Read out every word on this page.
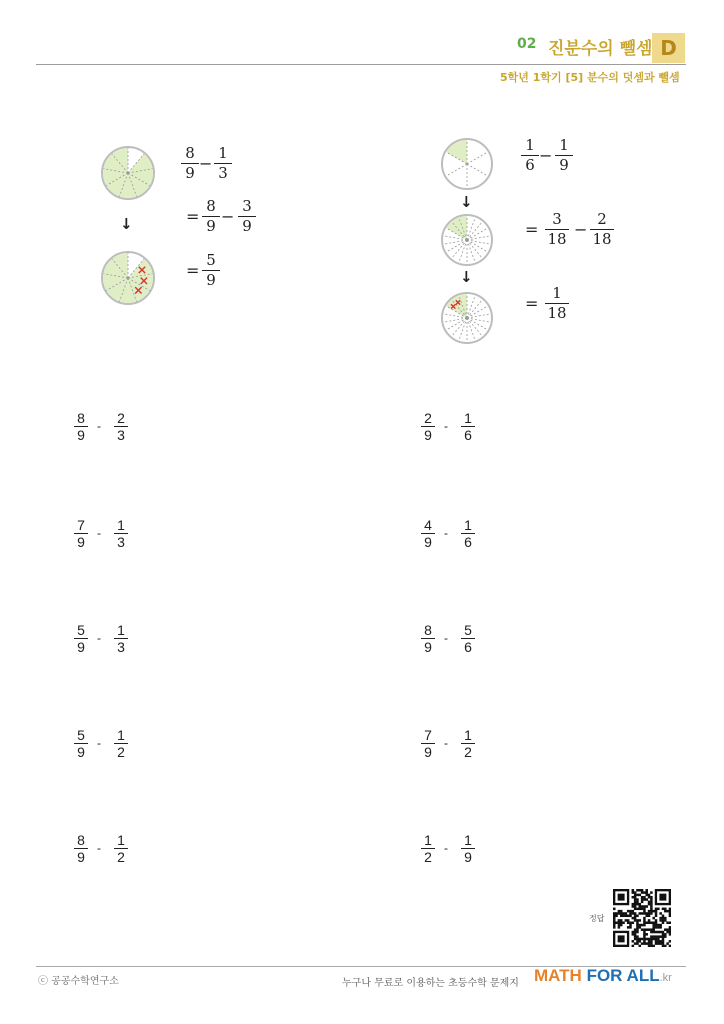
02 진분수의 뺄셈 D
5학년 1학기 [5] 분수의 덧셈과 뺄셈
↓
8
9 −
1
3
=
8
9 −
3
9
=
5
9
↓
↓
1
6 −
1
9
=
3
18 −
2
18
=
1
18
8
9
- 2
3
7
9
- 1
3
5
9
- 1
3
5
9
- 1
2
8
9
- 1
2
2
9
- 1
6
4
9
- 1
6
8
9
- 5
6
7
9
- 1
2
1
2
- 1
9
정답
ⓒ 공공수학연구소	누구나 무료로 이용하는 초등수학 문제지 MATH FOR ALL.kr
